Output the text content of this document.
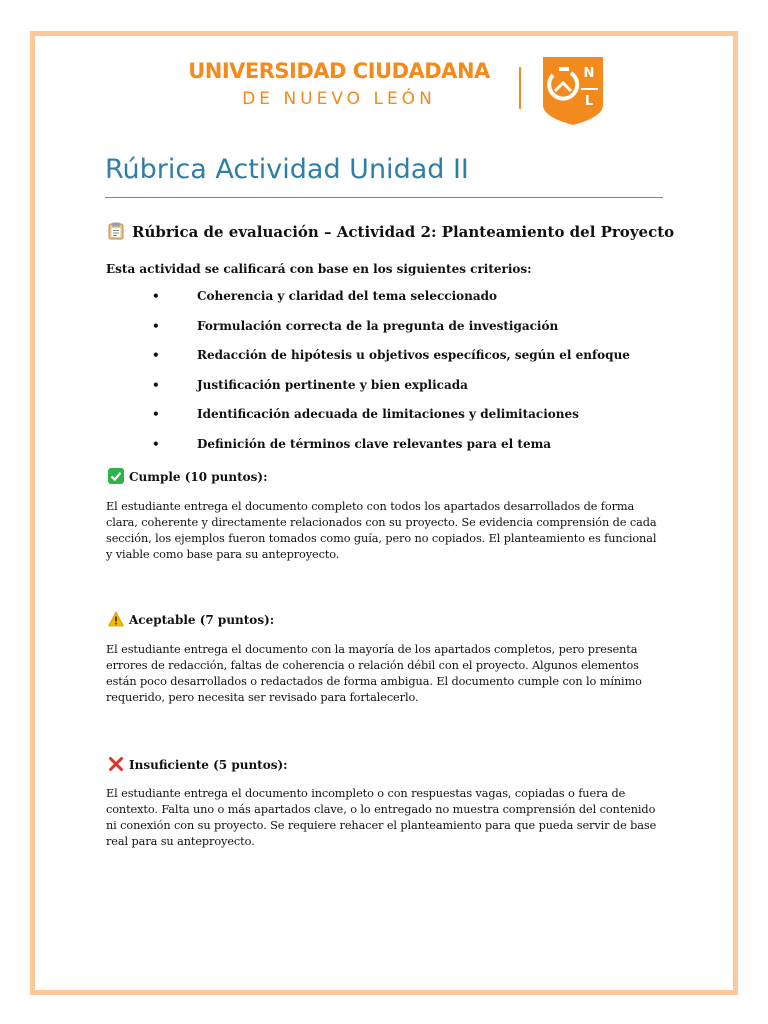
UNIVERSIDAD CIUDADANA
DE NUEVO LEÓN
N
L
Rúbrica Actividad Unidad II
Rúbrica de evaluación – Actividad 2: Planteamiento del Proyecto
Esta actividad se calificará con base en los siguientes criterios:
•	Coherencia y claridad del tema seleccionado
•	Formulación correcta de la pregunta de investigación
•	Redacción de hipótesis u objetivos específicos, según el enfoque
•	Justificación pertinente y bien explicada
•	Identificación adecuada de limitaciones y delimitaciones
•	Definición de términos clave relevantes para el tema
Cumple (10 puntos):

El estudiante entrega el documento completo con todos los apartados desarrollados de forma clara, coherente y directamente relacionados con su proyecto. Se evidencia comprensión de cada sección, los ejemplos fueron tomados como guía, pero no copiados. El planteamiento es funcional y viable como base para su anteproyecto.

Aceptable (7 puntos):

El estudiante entrega el documento con la mayoría de los apartados completos, pero presenta errores de redacción, faltas de coherencia o relación débil con el proyecto. Algunos elementos están poco desarrollados o redactados de forma ambigua. El documento cumple con lo mínimo requerido, pero necesita ser revisado para fortalecerlo.

Insuficiente (5 puntos):

El estudiante entrega el documento incompleto o con respuestas vagas, copiadas o fuera de contexto. Falta uno o más apartados clave, o lo entregado no muestra comprensión del contenido ni conexión con su proyecto. Se requiere rehacer el planteamiento para que pueda servir de base real para su anteproyecto.
